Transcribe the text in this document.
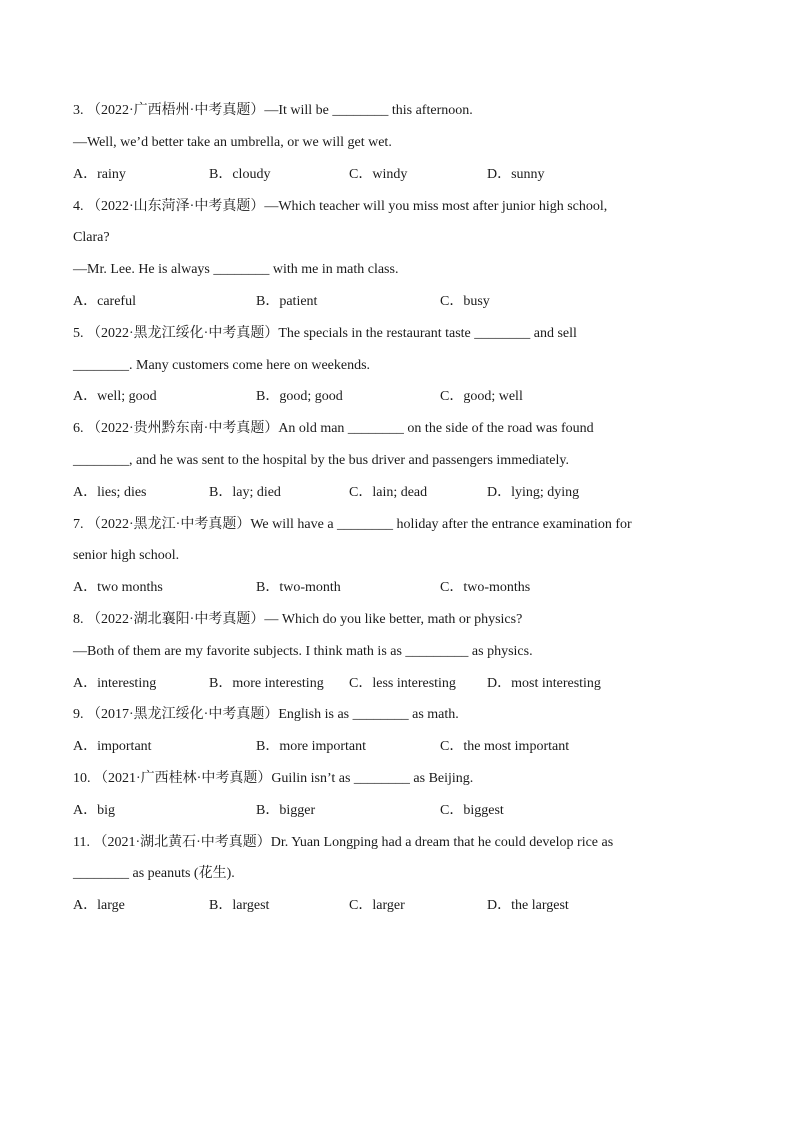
3. （2022·广西梧州·中考真题）—It will be ________ this afternoon.
—Well, we’d better take an umbrella, or we will get wet.
A．rainy	B．cloudy	C．windy	D．sunny
4. （2022·山东菏泽·中考真题）—Which teacher will you miss most after junior high school,
Clara?
—Mr. Lee. He is always ________ with me in math class.
A．careful	B．patient	C．busy
5. （2022·黑龙江绥化·中考真题）The specials in the restaurant taste ________ and sell
________. Many customers come here on weekends.
A．well; good	B．good; good	C．good; well
6. （2022·贵州黔东南·中考真题）An old man ________ on the side of the road was found
________, and he was sent to the hospital by the bus driver and passengers immediately.
A．lies; dies	B．lay; died	C．lain; dead	D．lying; dying
7. （2022·黑龙江·中考真题）We will have a ________ holiday after the entrance examination for
senior high school.
A．two months	B．two-month	C．two-months
8. （2022·湖北襄阳·中考真题）— Which do you like better, math or physics?
—Both of them are my favorite subjects. I think math is as _________ as physics.
A．interesting	B．more interesting C．less interesting D．most interesting
9. （2017·黑龙江绥化·中考真题）English is as ________ as math.
A．important	B．more important	C．the most important
10. （2021·广西桂林·中考真题）Guilin isn’t as ________ as Beijing.
A．big	B．bigger	C．biggest
11. （2021·湖北黄石·中考真题）Dr. Yuan Longping had a dream that he could develop rice as
________ as peanuts (花生).
A．large	B．largest	C．larger	D．the largest
